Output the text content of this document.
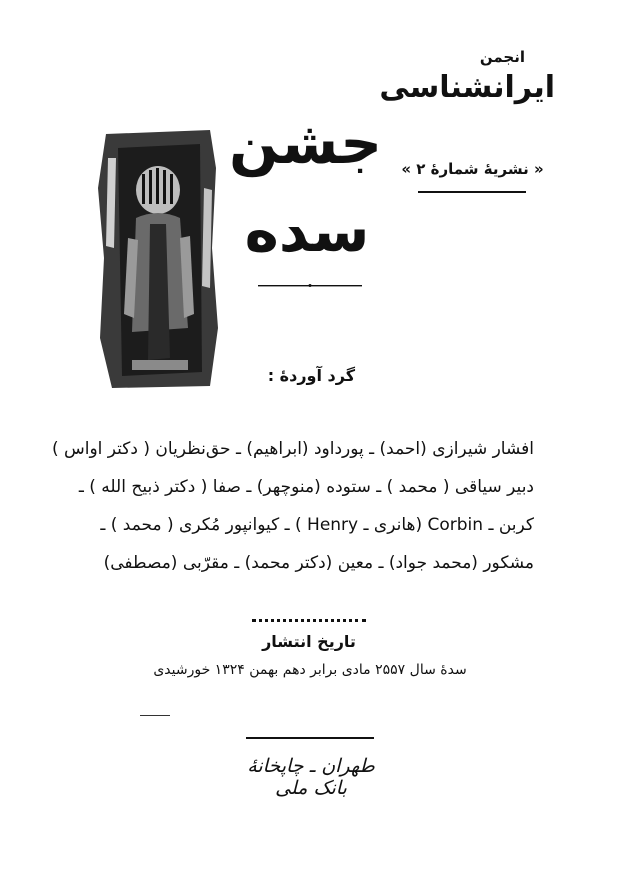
انجمن
ایرانشناسی
« نشریهٔ شمارهٔ ۲ »
جشن
سده
گرد آوردهٔ :
افشار شیرازی (احمد) ـ پورداود (ابراهیم) ـ حق‌نظریان ( دکتر اواس )
دبیر سیاقی ( محمد ) ـ ستوده (منوچهر) ـ صفا ( دکتر ذبیح الله ) ـ
کربن ـ Corbin (هانری ـ Henry ) ـ کیوانپور مُکری ( محمد ) ـ
مشکور (محمد جواد) ـ معین (دکتر محمد) ـ مقرّبی (مصطفی)
تاریخ انتشار
سدهٔ سال ۲۵۵۷ مادی برابر دهم بهمن ۱۳۲۴ خورشیدی
طهران ـ چاپخانهٔ بانک ملی
